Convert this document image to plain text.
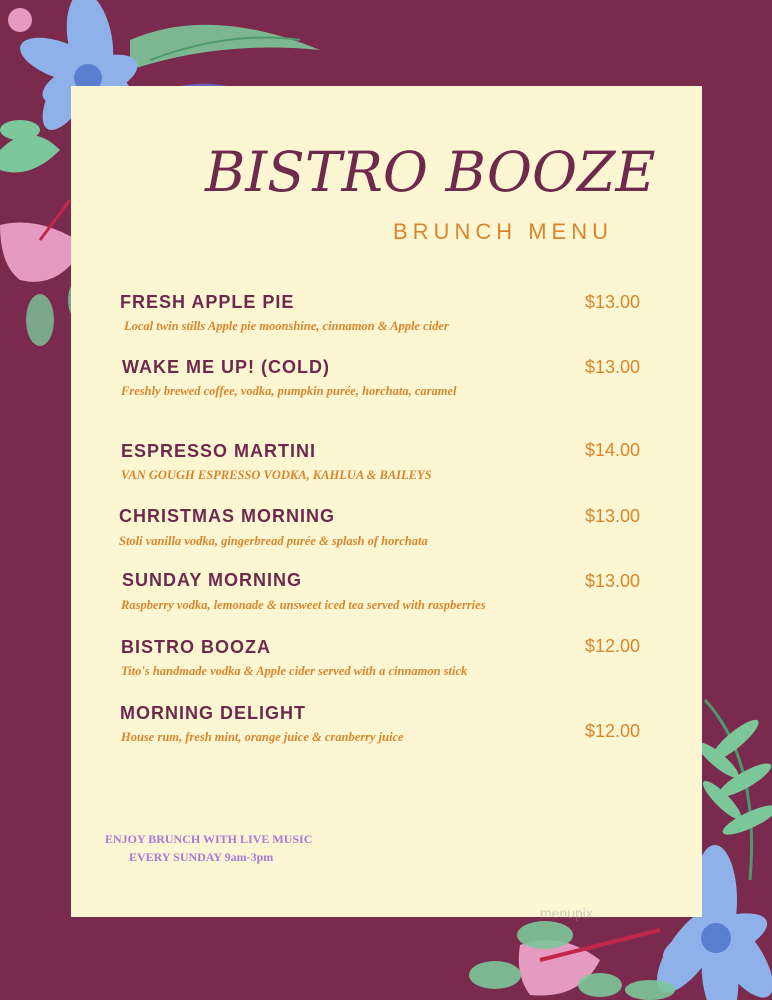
BISTRO BOOZE
BRUNCH MENU
FRESH APPLE PIE	$13.00
Local twin stills Apple pie moonshine, cinnamon & Apple cider
WAKE ME UP! (COLD)	$13.00
Freshly brewed coffee, vodka, pumpkin purée, horchata, caramel
ESPRESSO MARTINI	$14.00
VAN GOUGH ESPRESSO VODKA, KAHLUA & BAILEYS
CHRISTMAS MORNING	$13.00
Stoli vanilla vodka, gingerbread purée & splash of horchata
SUNDAY MORNING	$13.00
Raspberry vodka, lemonade & unsweet iced tea served with raspberries
BISTRO BOOZA	$12.00
Tito's handmade vodka & Apple cider served with a cinnamon stick
MORNING DELIGHT
$12.00
House rum, fresh mint, orange juice & cranberry juice
ENJOY BRUNCH WITH LIVE MUSIC
EVERY SUNDAY 9am-3pm
menupix
